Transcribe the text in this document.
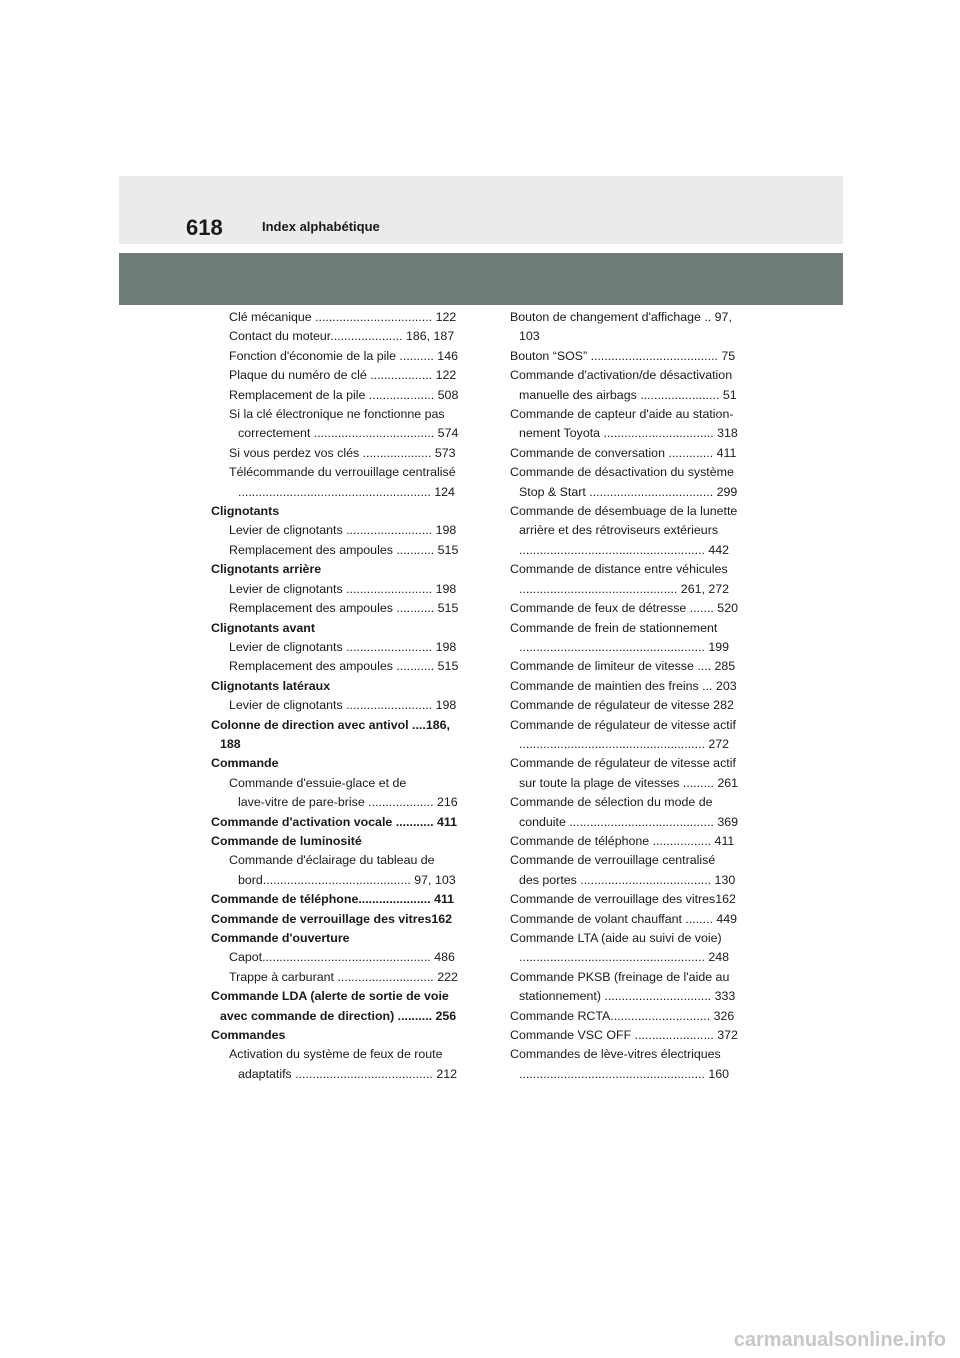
618	Index alphabétique
Clé mécanique .................................. 122
Contact du moteur..................... 186, 187
Fonction d'économie de la pile .......... 146
Plaque du numéro de clé .................. 122
Remplacement de la pile ................... 508
Si la clé électronique ne fonctionne pas
correctement ................................... 574
Si vous perdez vos clés .................... 573
Télécommande du verrouillage centralisé
........................................................ 124
Clignotants
Levier de clignotants ......................... 198
Remplacement des ampoules ........... 515
Clignotants arrière
Levier de clignotants ......................... 198
Remplacement des ampoules ........... 515
Clignotants avant
Levier de clignotants ......................... 198
Remplacement des ampoules ........... 515
Clignotants latéraux
Levier de clignotants ......................... 198
Colonne de direction avec antivol ....186,
188
Commande
Commande d'essuie-glace et de
lave-vitre de pare-brise ................... 216
Commande d'activation vocale ........... 411
Commande de luminosité
Commande d'éclairage du tableau de
bord........................................... 97, 103
Commande de téléphone..................... 411
Commande de verrouillage des vitres162
Commande d'ouverture
Capot................................................. 486
Trappe à carburant ............................ 222
Commande LDA (alerte de sortie de voie
avec commande de direction) .......... 256
Commandes
Activation du système de feux de route
adaptatifs ........................................ 212
Bouton de changement d'affichage .. 97,
103
Bouton “SOS” ..................................... 75
Commande d'activation/de désactivation
manuelle des airbags ....................... 51
Commande de capteur d'aide au station-
nement Toyota ................................ 318
Commande de conversation ............. 411
Commande de désactivation du système
Stop & Start .................................... 299
Commande de désembuage de la lunette
arrière et des rétroviseurs extérieurs
...................................................... 442
Commande de distance entre véhicules
.............................................. 261, 272
Commande de feux de détresse ....... 520
Commande de frein de stationnement
...................................................... 199
Commande de limiteur de vitesse .... 285
Commande de maintien des freins ... 203
Commande de régulateur de vitesse 282
Commande de régulateur de vitesse actif
...................................................... 272
Commande de régulateur de vitesse actif
sur toute la plage de vitesses ......... 261
Commande de sélection du mode de
conduite .......................................... 369
Commande de téléphone ................. 411
Commande de verrouillage centralisé
des portes ...................................... 130
Commande de verrouillage des vitres162
Commande de volant chauffant ........ 449
Commande LTA (aide au suivi de voie)
...................................................... 248
Commande PKSB (freinage de l'aide au
stationnement) ............................... 333
Commande RCTA............................. 326
Commande VSC OFF ....................... 372
Commandes de lève-vitres électriques
...................................................... 160
carmanualsonline.info
